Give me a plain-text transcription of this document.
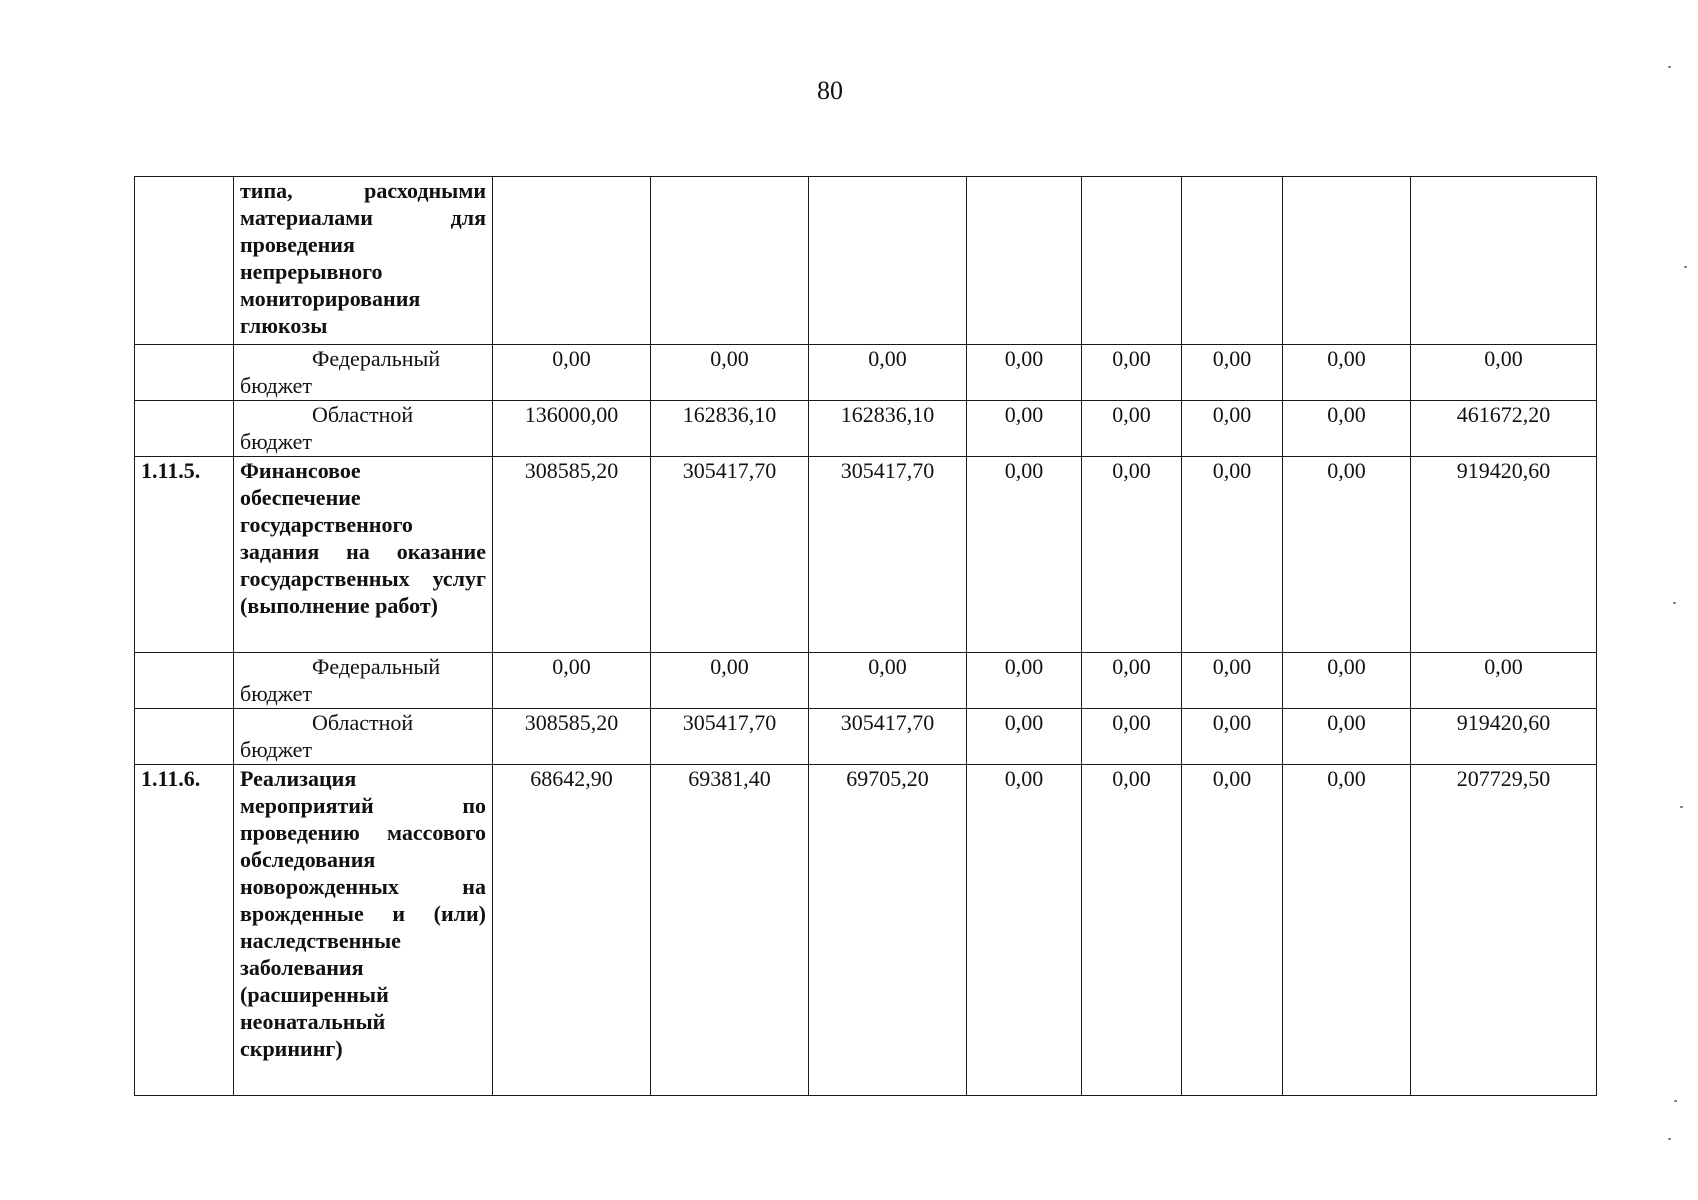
80
	типа, расходными материалами для проведения непрерывного мониторирования глюкозы								

	Федеральный
бюджет	0,00	0,00	0,00	0,00	0,00	0,00	0,00	0,00

	Областной
бюджет	136000,00	162836,10	162836,10	0,00	0,00	0,00	0,00	461672,20
1.11.5.	Финансовое обеспечение государственного задания на оказание государственных услуг (выполнение работ)	308585,20	305417,70	305417,70	0,00	0,00	0,00	0,00	919420,60

	Федеральный
бюджет	0,00	0,00	0,00	0,00	0,00	0,00	0,00	0,00

	Областной
бюджет	308585,20	305417,70	305417,70	0,00	0,00	0,00	0,00	919420,60
1.11.6.	Реализация мероприятий по проведению массового обследования новорожденных на врожденные и (или) наследственные заболевания (расширенный неонатальный скрининг)	68642,90	69381,40	69705,20	0,00	0,00	0,00	0,00	207729,50
